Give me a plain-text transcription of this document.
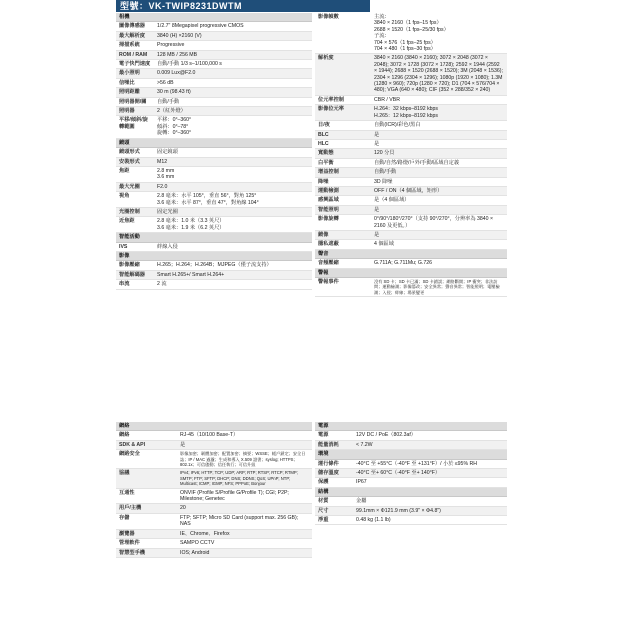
型號：VK-TWIP8231DWTM
相機
圖像傳感器	1/2.7" 8Megapixel progressive CMOS
最大解析度	3840 (H) ×2160 (V)
掃描系統	Progressive
ROM / RAM	128 MB / 256 MB
電子快門速度	自動/手動 1/3 s–1/100,000 s
最小照明	0.009 Lux@F2.0
信噪比	>56 dB
照明距離	30 m (98.43 ft)
照明器開/關	自動/手動
照明器	2（紅外燈）
平移/傾斜/旋轉範圍
平移：0°–360°
傾斜：0°–78°
旋轉：0°–360°
鏡頭
鏡頭形式	固定鏡頭
安裝形式	M12
焦距	2.8 mm
3.6 mm
最大光圈	F2.0
視角	2.8 毫米：水平 105°，垂直 56°，對角 125°
3.6 毫米：水平 87°，垂直 47°，對角線 104°
光圈控制	固定光圈
近焦距	2.8 毫米：1.0 米（3.3 英尺）
3.6 毫米：1.9 米（6.2 英尺）
智能活動
IVS	絆線入侵
影像
影像壓縮	H.265；H.264；H.264B；MJPEG（僅子流支持）
智能解碼器	Smart H.265+/ Smart H.264+
串流	2 流
影像幀數	主流：
3840 × 2160（1 fps–15 fps）
2688 × 1520（1 fps–25/30 fps）
子流：
704 × 576（1 fps–25 fps）
704 × 480（1 fps–30 fps）
解析度	3840 × 2160 (3840 × 2160); 3072 × 2048 (3072 × 2048); 3072 × 1728 (3072 × 1728); 2592 × 1944 (2592 × 1944); 2688 × 1520 (2688 × 1520); 3M (2048 × 1536); 2304 × 1296 (2304 × 1296); 1080p (1920 × 1080); 1.3M (1280 × 960); 720p (1280 × 720); D1 (704 × 576/704 × 480); VGA (640 × 480); CIF (352 × 288/352 × 240)
位元率控制	CBR / VBR
影像位元率	H.264：32 kbps–8192 kbps
H.265：12 kbps–8192 kbps
日/夜	自動(ICR)/彩色/黑白
BLC	是
HLC	是
寬動態	120 分貝
白平衡	自動/自然/路燈/戶外/手動/區域自定義
增益控制	自動/手動
降噪	3D 降噪
運動檢測	OFF / ON（4 個區域，矩形）
感興區域	是（4 個區域）
智能照明	是
影像旋轉	0°/90°/180°/270°（支持 90°/270°，分辨率為 3840 × 2160 及更低。）
鏡像	是
隱私遮蔽	4 個區域
聲音
音頻壓縮	G.711A; G.711Mu; G.726
警報
警報事件	沒有 SD 卡；SD 卡已滿；SD 卡錯誤；網絡斷開；IP 衝突；非法訪問；運動檢測；影像篡改；安全異常；聲音異常；智能照明；電壓檢測；入侵；絆線；場景變更
網絡
網絡	RJ-45（10/100 Base-T）
SDK & API	是
網路安全	影像加密；韌體加密；配置加密；摘要；WSSE；帳戶鎖定；安全日誌；IP / MAC 過濾；生成和導入 X.509 證書；syslog; HTTPS；802.1x；可信啟動；信任執行；可信升級
協議	IPv4; IPv6; HTTP; TCP; UDP; ARP; RTP; RTSP; RTCP; RTMP; SMTP; FTP; SFTP; DHCP; DNS; DDNS; QoS; UPnP; NTP; Multicast; ICMP; IGMP; NFS; PPPoE; Bonjour
互通性	ONVIF (Profile S/Profile G/Profile T); CGI; P2P; Milestone; Genetec
用戶/主機	20
存儲	FTP; SFTP; Micro SD Card (support max. 256 GB); NAS
瀏覽器	IE、Chrome、Firefox
管理軟件	SAMPO CCTV
智慧型手機	IOS; Android
電源
電源	12V DC / PoE（802.3af）
能量消耗	< 7.2W
環境
運行條件	-40°C 至 +55°C（-40°F 至 +131°F）/ 小於 ≤95% RH
儲存溫度	-40°C 至+ 60°C（-40°F 至+ 140°F）
保護	IP67
結構
材質	金屬
尺寸	99.1mm × Φ121.9 mm (3.9" × Φ4.8")
淨重	0.48 kg (1.1 lb)
